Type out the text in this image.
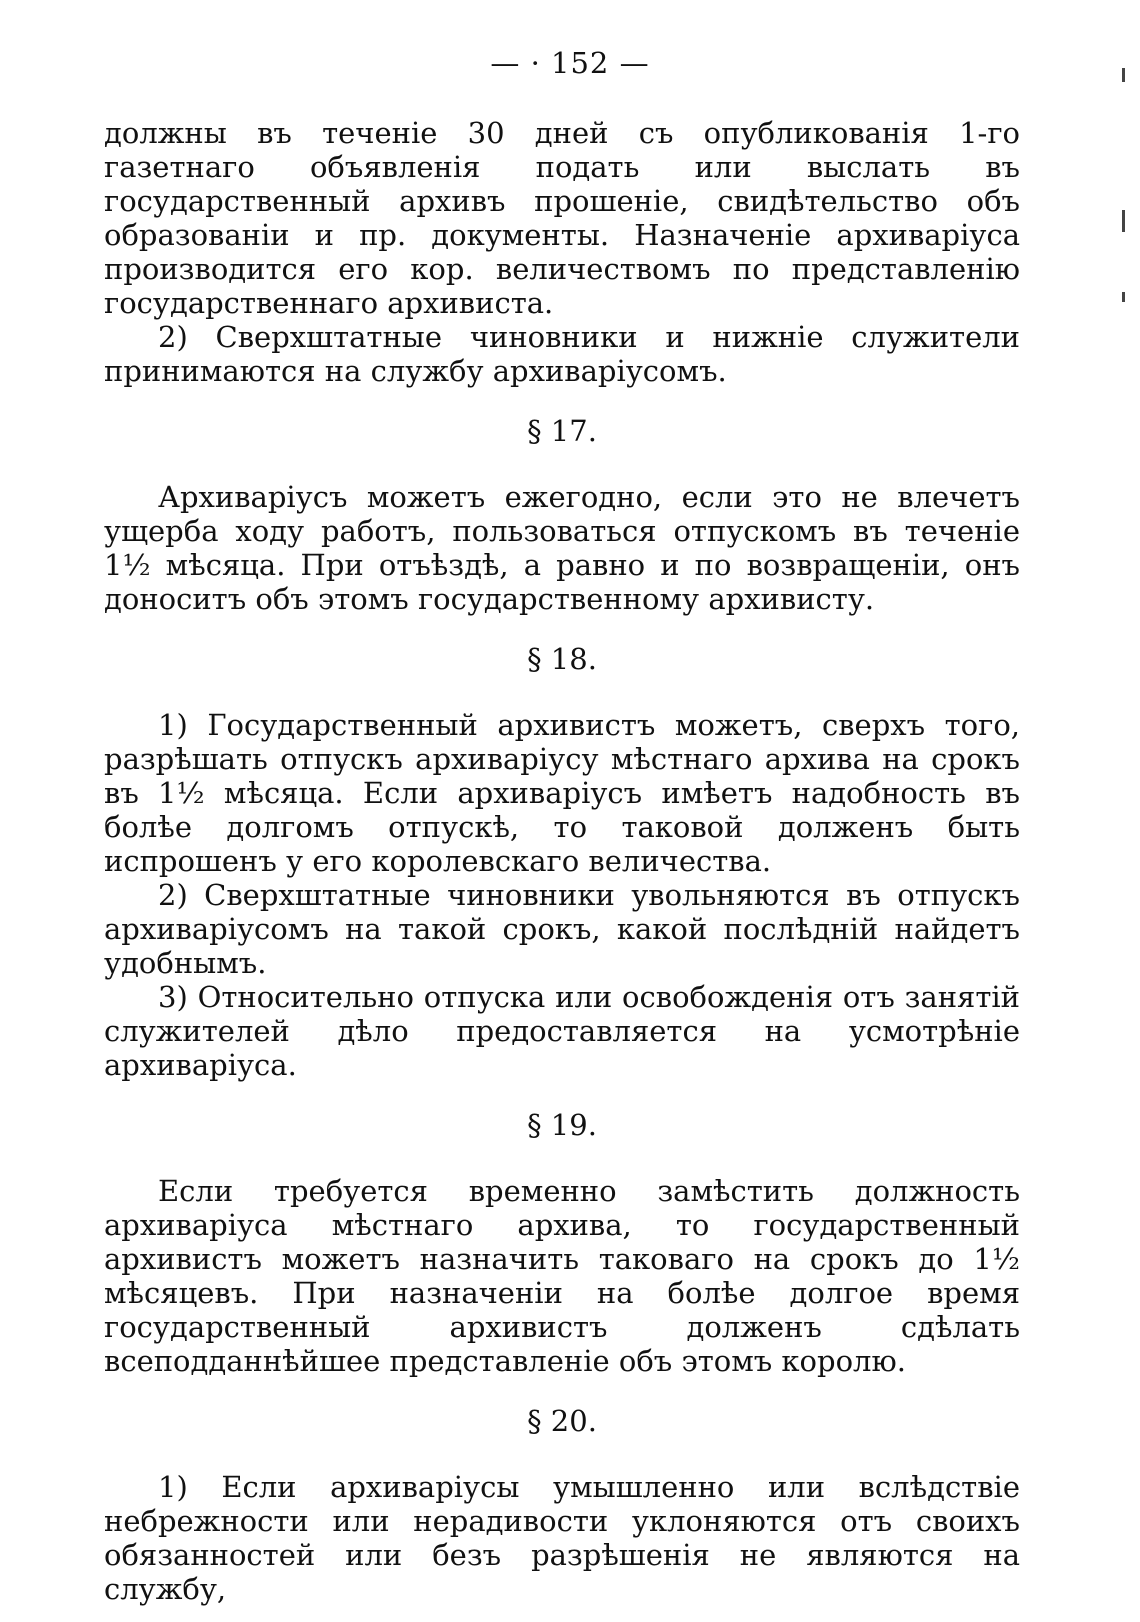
— · 152 —

должны въ теченіе 30 дней съ опубликованія 1-го газетнаго объявленія подать или выслать въ государственный архивъ прошеніе, свидѣтельство объ образованіи и пр. документы. Назначеніе архиваріуса производится его кор. величествомъ по представленію государственнаго архивиста.

2) Сверхштатные чиновники и нижніе служители принимаются на службу архиваріусомъ.

§ 17.

Архиваріусъ можетъ ежегодно, если это не влечетъ ущерба ходу работъ, пользоваться отпускомъ въ теченіе 1½ мѣсяца. При отъѣздѣ, а равно и по возвращеніи, онъ доноситъ объ этомъ государственному архивисту.

§ 18.

1) Государственный архивистъ можетъ, сверхъ того, разрѣшать отпускъ архиваріусу мѣстнаго архива на срокъ въ 1½ мѣсяца. Если архиваріусъ имѣетъ надобность въ болѣе долгомъ отпускѣ, то таковой долженъ быть испрошенъ у его королевскаго величества.

2) Сверхштатные чиновники увольняются въ отпускъ архиваріусомъ на такой срокъ, какой послѣдній найдетъ удобнымъ.

3) Относительно отпуска или освобожденія отъ занятій служителей дѣло предоставляется на усмотрѣніе архиваріуса.

§ 19.

Если требуется временно замѣстить должность архиваріуса мѣстнаго архива, то государственный архивистъ можетъ назначить таковаго на срокъ до 1½ мѣсяцевъ. При назначеніи на болѣе долгое время государственный архивистъ долженъ сдѣлать всеподданнѣйшее представленіе объ этомъ королю.

§ 20.

1) Если архиваріусы умышленно или вслѣдствіе небрежности или нерадивости уклоняются отъ своихъ обязанностей или безъ разрѣшенія не являются на службу,
